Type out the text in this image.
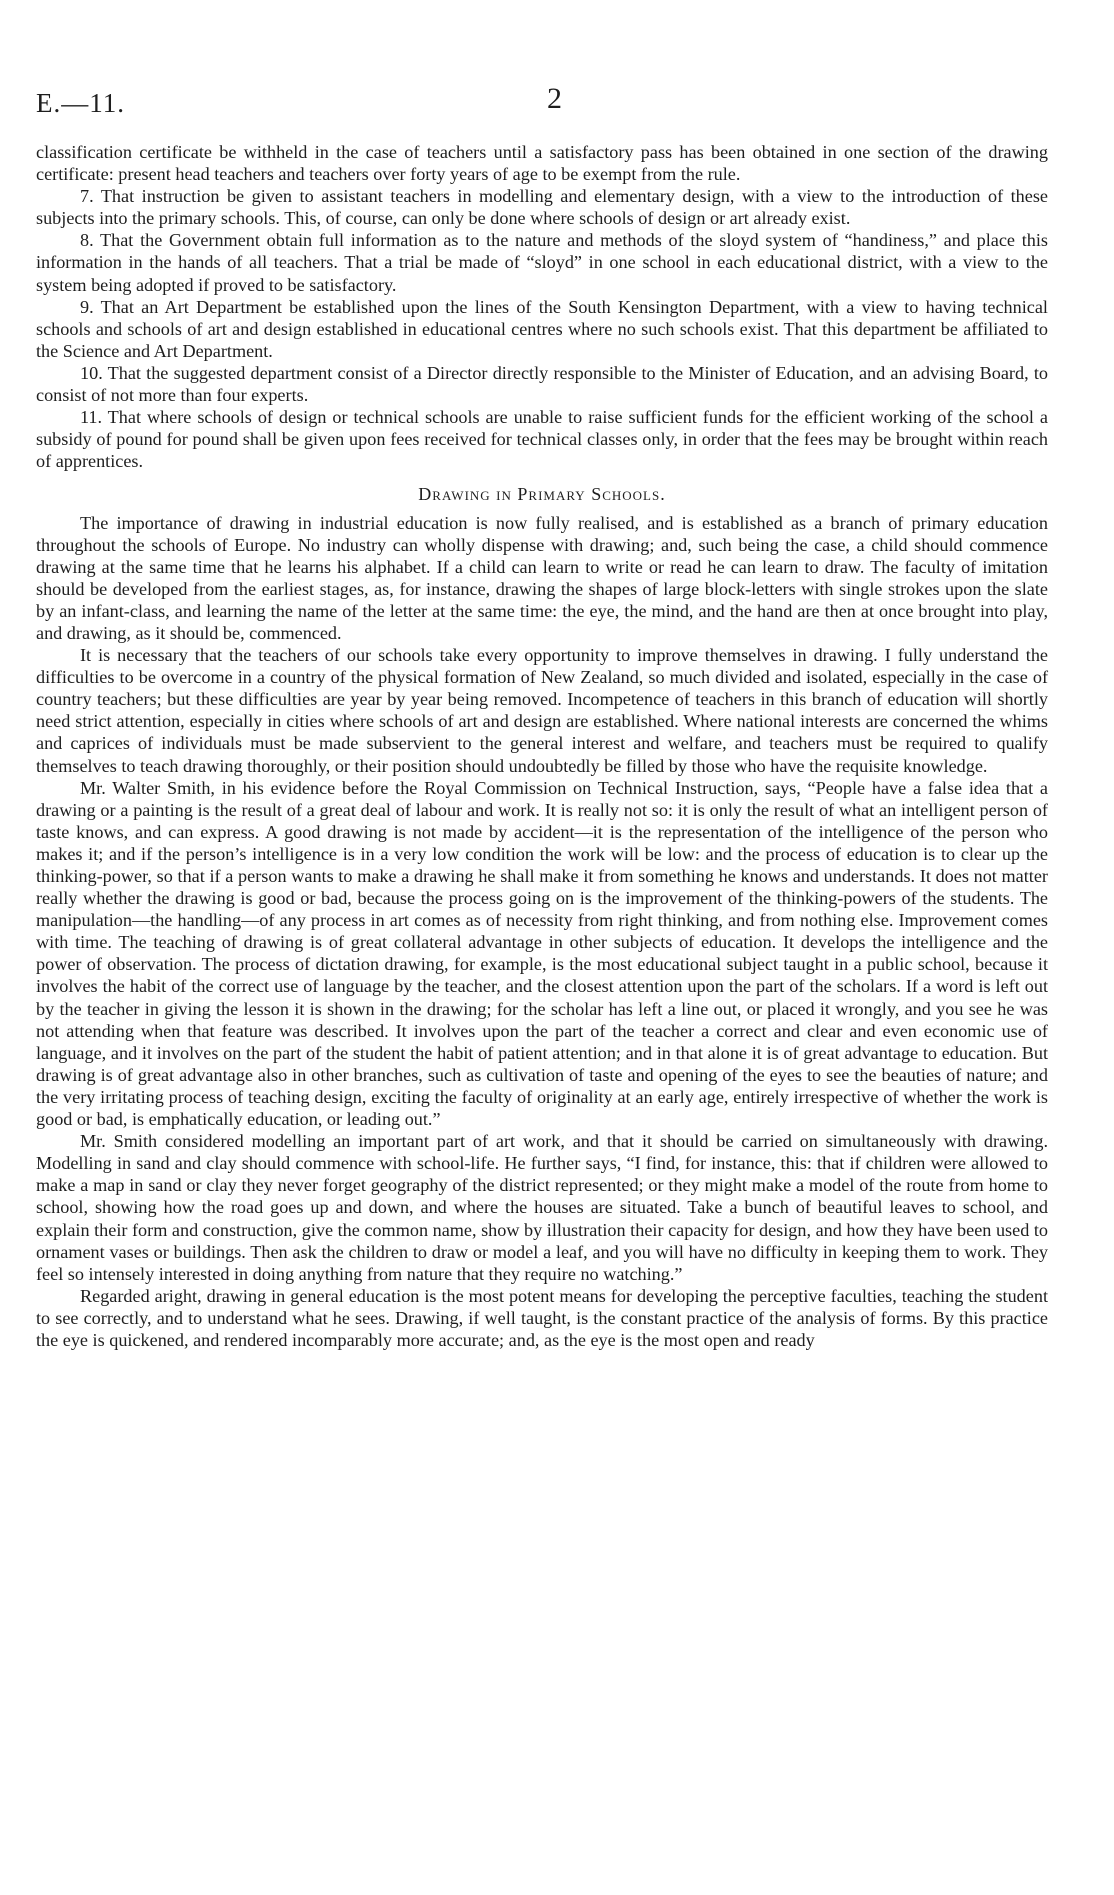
E.—11.	2

classification certificate be withheld in the case of teachers until a satisfactory pass has been obtained in one section of the drawing certificate: present head teachers and teachers over forty years of age to be exempt from the rule.

7. That instruction be given to assistant teachers in modelling and elementary design, with a view to the introduction of these subjects into the primary schools. This, of course, can only be done where schools of design or art already exist.

8. That the Government obtain full information as to the nature and methods of the sloyd system of “handiness,” and place this information in the hands of all teachers. That a trial be made of “sloyd” in one school in each educational district, with a view to the system being adopted if proved to be satisfactory.

9. That an Art Department be established upon the lines of the South Kensington Department, with a view to having technical schools and schools of art and design established in educational centres where no such schools exist. That this department be affiliated to the Science and Art Department.

10. That the suggested department consist of a Director directly responsible to the Minister of Education, and an advising Board, to consist of not more than four experts.

11. That where schools of design or technical schools are unable to raise sufficient funds for the efficient working of the school a subsidy of pound for pound shall be given upon fees received for technical classes only, in order that the fees may be brought within reach of apprentices.

Drawing in Primary Schools.

The importance of drawing in industrial education is now fully realised, and is established as a branch of primary education throughout the schools of Europe. No industry can wholly dispense with drawing; and, such being the case, a child should commence drawing at the same time that he learns his alphabet. If a child can learn to write or read he can learn to draw. The faculty of imitation should be developed from the earliest stages, as, for instance, drawing the shapes of large block-letters with single strokes upon the slate by an infant-class, and learning the name of the letter at the same time: the eye, the mind, and the hand are then at once brought into play, and drawing, as it should be, commenced.

It is necessary that the teachers of our schools take every opportunity to improve themselves in drawing. I fully understand the difficulties to be overcome in a country of the physical formation of New Zealand, so much divided and isolated, especially in the case of country teachers; but these difficulties are year by year being removed. Incompetence of teachers in this branch of education will shortly need strict attention, especially in cities where schools of art and design are established. Where national interests are concerned the whims and caprices of individuals must be made subservient to the general interest and welfare, and teachers must be required to qualify themselves to teach drawing thoroughly, or their position should undoubtedly be filled by those who have the requisite knowledge.

Mr. Walter Smith, in his evidence before the Royal Commission on Technical Instruction, says, “People have a false idea that a drawing or a painting is the result of a great deal of labour and work. It is really not so: it is only the result of what an intelligent person of taste knows, and can express. A good drawing is not made by accident—it is the representation of the intelligence of the person who makes it; and if the person’s intelligence is in a very low condition the work will be low: and the process of education is to clear up the thinking-power, so that if a person wants to make a drawing he shall make it from something he knows and understands. It does not matter really whether the drawing is good or bad, because the process going on is the improvement of the thinking-powers of the students. The manipulation—the handling—of any process in art comes as of necessity from right thinking, and from nothing else. Improvement comes with time. The teaching of drawing is of great collateral advantage in other subjects of education. It develops the intelligence and the power of observation. The process of dictation drawing, for example, is the most educational subject taught in a public school, because it involves the habit of the correct use of language by the teacher, and the closest attention upon the part of the scholars. If a word is left out by the teacher in giving the lesson it is shown in the drawing; for the scholar has left a line out, or placed it wrongly, and you see he was not attending when that feature was described. It involves upon the part of the teacher a correct and clear and even economic use of language, and it involves on the part of the student the habit of patient attention; and in that alone it is of great advantage to education. But drawing is of great advantage also in other branches, such as cultivation of taste and opening of the eyes to see the beauties of nature; and the very irritating process of teaching design, exciting the faculty of originality at an early age, entirely irrespective of whether the work is good or bad, is emphatically education, or leading out.”

Mr. Smith considered modelling an important part of art work, and that it should be carried on simultaneously with drawing. Modelling in sand and clay should commence with school-life. He further says, “I find, for instance, this: that if children were allowed to make a map in sand or clay they never forget geography of the district represented; or they might make a model of the route from home to school, showing how the road goes up and down, and where the houses are situated. Take a bunch of beautiful leaves to school, and explain their form and construction, give the common name, show by illustration their capacity for design, and how they have been used to ornament vases or buildings. Then ask the children to draw or model a leaf, and you will have no difficulty in keeping them to work. They feel so intensely interested in doing anything from nature that they require no watching.”

Regarded aright, drawing in general education is the most potent means for developing the perceptive faculties, teaching the student to see correctly, and to understand what he sees. Drawing, if well taught, is the constant practice of the analysis of forms. By this practice the eye is quickened, and rendered incomparably more accurate; and, as the eye is the most open and ready
